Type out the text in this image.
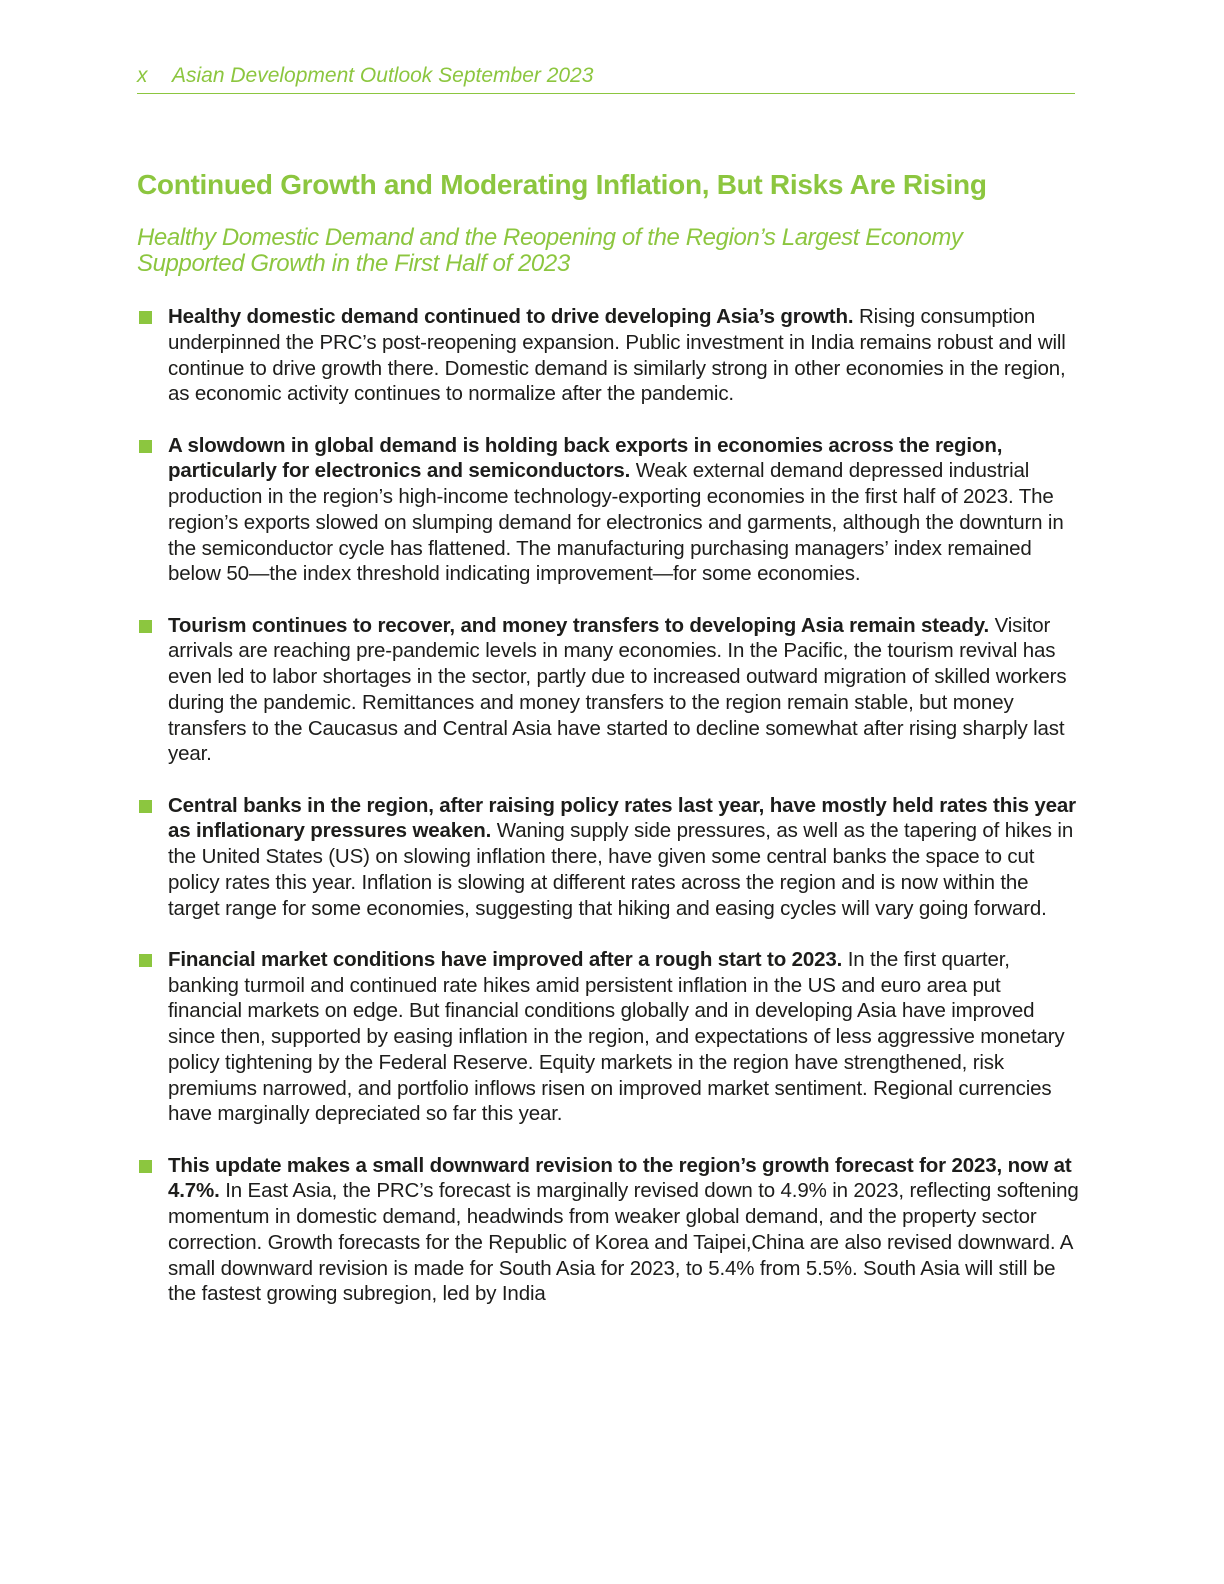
x Asian Development Outlook September 2023
Continued Growth and Moderating Inflation, But Risks Are Rising
Healthy Domestic Demand and the Reopening of the Region’s Largest Economy
Supported Growth in the First Half of 2023
Healthy domestic demand continued to drive developing Asia’s growth. Rising consumption underpinned the PRC’s post-reopening expansion. Public investment in India remains robust and will continue to drive growth there. Domestic demand is similarly strong in other economies in the region, as economic activity continues to normalize after the pandemic.
A slowdown in global demand is holding back exports in economies across the region, particularly for electronics and semiconductors. Weak external demand depressed industrial production in the region’s high-income technology-exporting economies in the first half of 2023. The region’s exports slowed on slumping demand for electronics and garments, although the downturn in the semiconductor cycle has flattened. The manufacturing purchasing managers’ index remained below 50—the index threshold indicating improvement—for some economies.
Tourism continues to recover, and money transfers to developing Asia remain steady. Visitor arrivals are reaching pre-pandemic levels in many economies. In the Pacific, the tourism revival has even led to labor shortages in the sector, partly due to increased outward migration of skilled workers during the pandemic. Remittances and money transfers to the region remain stable, but money transfers to the Caucasus and Central Asia have started to decline somewhat after rising sharply last year.
Central banks in the region, after raising policy rates last year, have mostly held rates this year as inflationary pressures weaken. Waning supply side pressures, as well as the tapering of hikes in the United States (US) on slowing inflation there, have given some central banks the space to cut policy rates this year. Inflation is slowing at different rates across the region and is now within the target range for some economies, suggesting that hiking and easing cycles will vary going forward.
Financial market conditions have improved after a rough start to 2023. In the first quarter, banking turmoil and continued rate hikes amid persistent inflation in the US and euro area put financial markets on edge. But financial conditions globally and in developing Asia have improved since then, supported by easing inflation in the region, and expectations of less aggressive monetary policy tightening by the Federal Reserve. Equity markets in the region have strengthened, risk premiums narrowed, and portfolio inflows risen on improved market sentiment. Regional currencies have marginally depreciated so far this year.
This update makes a small downward revision to the region’s growth forecast for 2023, now at 4.7%. In East Asia, the PRC’s forecast is marginally revised down to 4.9% in 2023, reflecting softening momentum in domestic demand, headwinds from weaker global demand, and the property sector correction. Growth forecasts for the Republic of Korea and Taipei,China are also revised downward. A small downward revision is made for South Asia for 2023, to 5.4% from 5.5%. South Asia will still be the fastest growing subregion, led by India
